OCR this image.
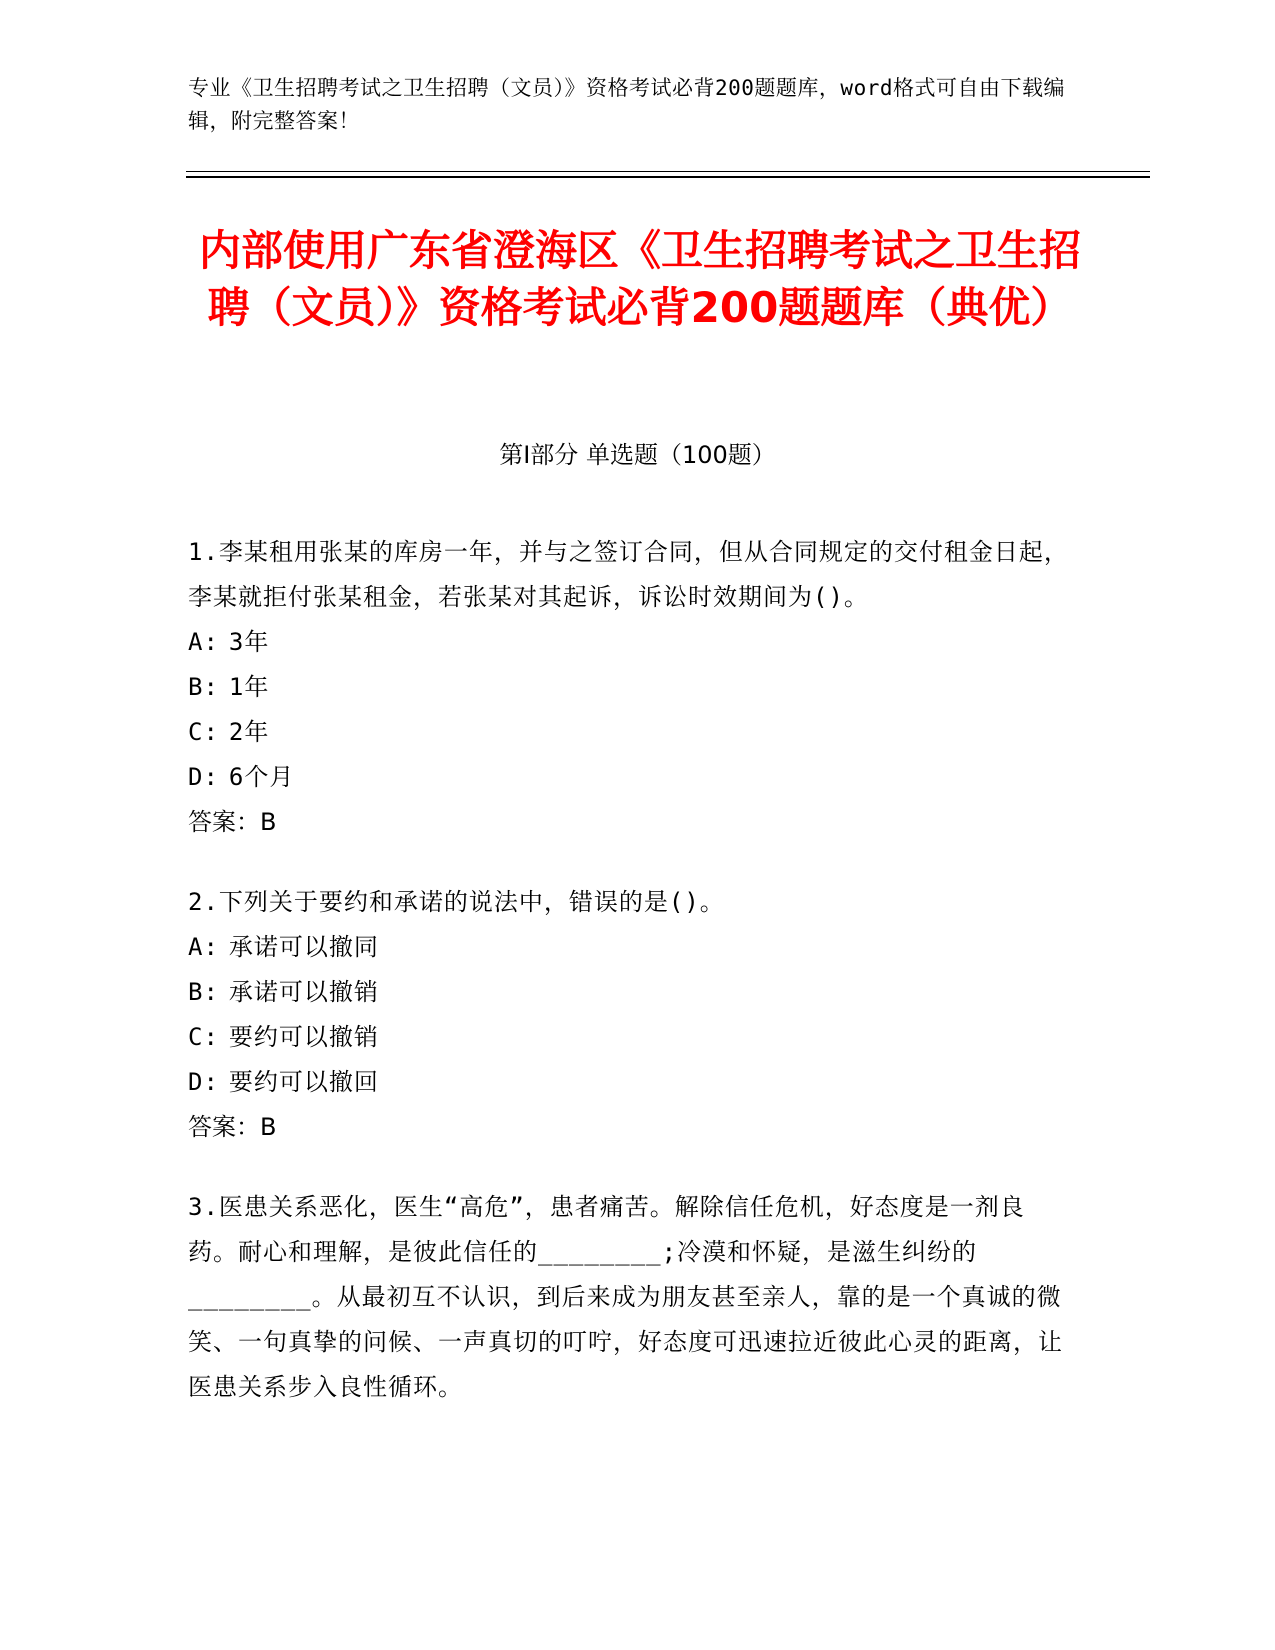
专业《卫生招聘考试之卫生招聘（文员）》资格考试必背200题题库，word格式可自由下载编辑，附完整答案！
内部使用广东省澄海区《卫生招聘考试之卫生招聘（文员）》资格考试必背200题题库（典优）
第Ⅰ部分 单选题（100题）

1.李某租用张某的库房一年，并与之签订合同，但从合同规定的交付租金日起，李某就拒付张某租金，若张某对其起诉，诉讼时效期间为()。

A: 3年

B: 1年

C: 2年

D: 6个月

答案：B

2.下列关于要约和承诺的说法中，错误的是()。

A: 承诺可以撤同

B: 承诺可以撤销

C: 要约可以撤销

D: 要约可以撤回

答案：B

3.医患关系恶化，医生“高危”，患者痛苦。解除信任危机，好态度是一剂良药。耐心和理解，是彼此信任的________;冷漠和怀疑，是滋生纠纷的________。从最初互不认识，到后来成为朋友甚至亲人，靠的是一个真诚的微笑、一句真挚的问候、一声真切的叮咛，好态度可迅速拉近彼此心灵的距离，让医患关系步入良性循环。
